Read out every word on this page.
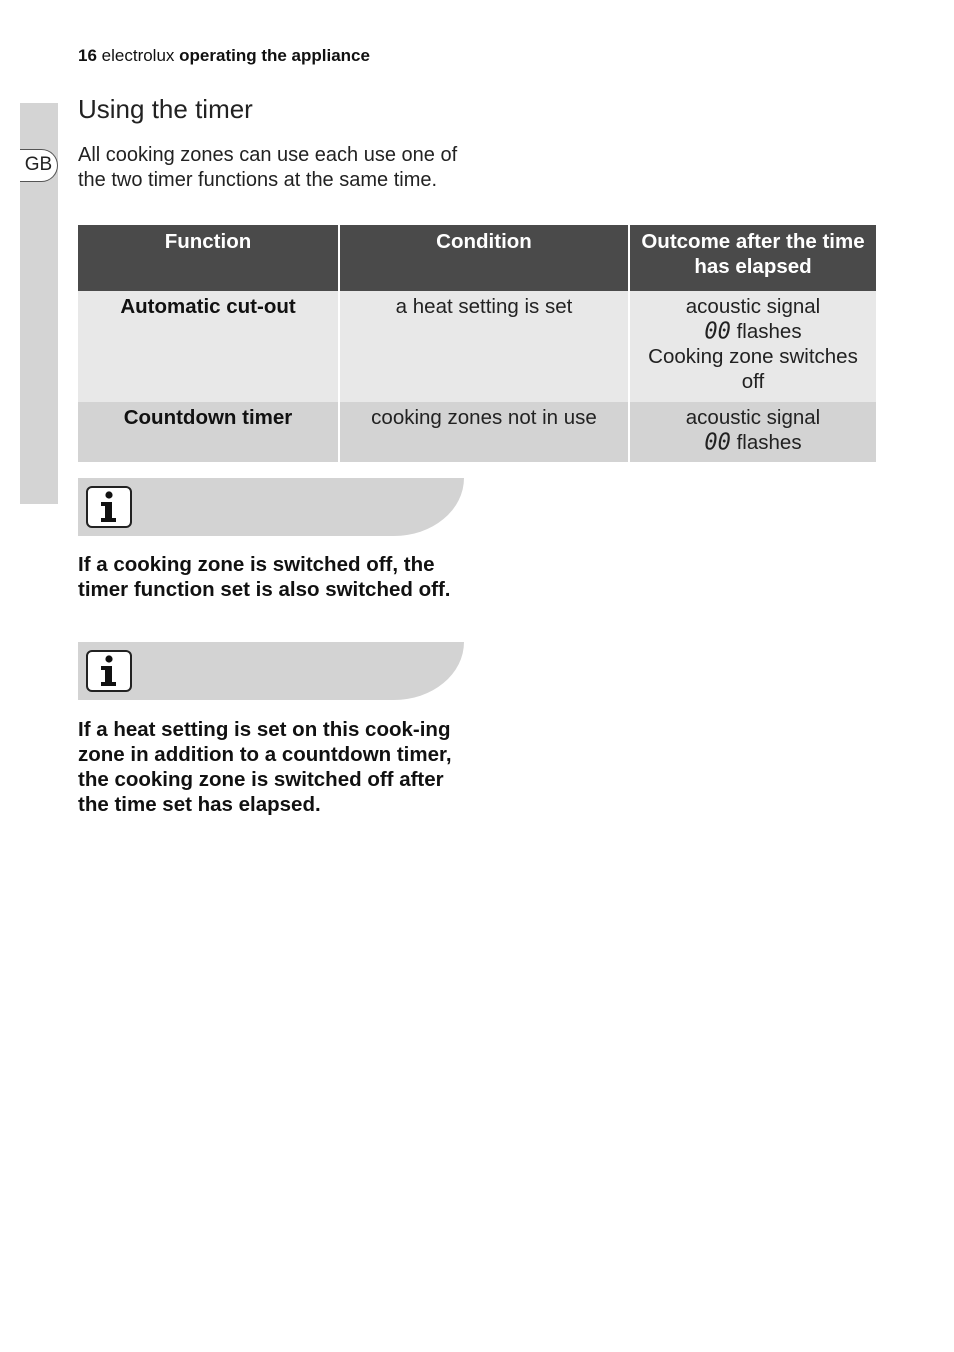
GB
16 electrolux operating the appliance
Using the timer

All cooking zones can use each use one of the two timer functions at the same time.

Function	Condition	Outcome after the time has elapsed
Automatic cut-out	a heat setting is set	acoustic signal
00 flashes
Cooking zone switches off

Countdown timer	cooking zones not in use	acoustic signal
00 flashes

If a cooking zone is switched off, the timer function set is also switched off.

If a heat setting is set on this cook-ing zone in addition to a countdown timer, the cooking zone is switched off after the time set has elapsed.
